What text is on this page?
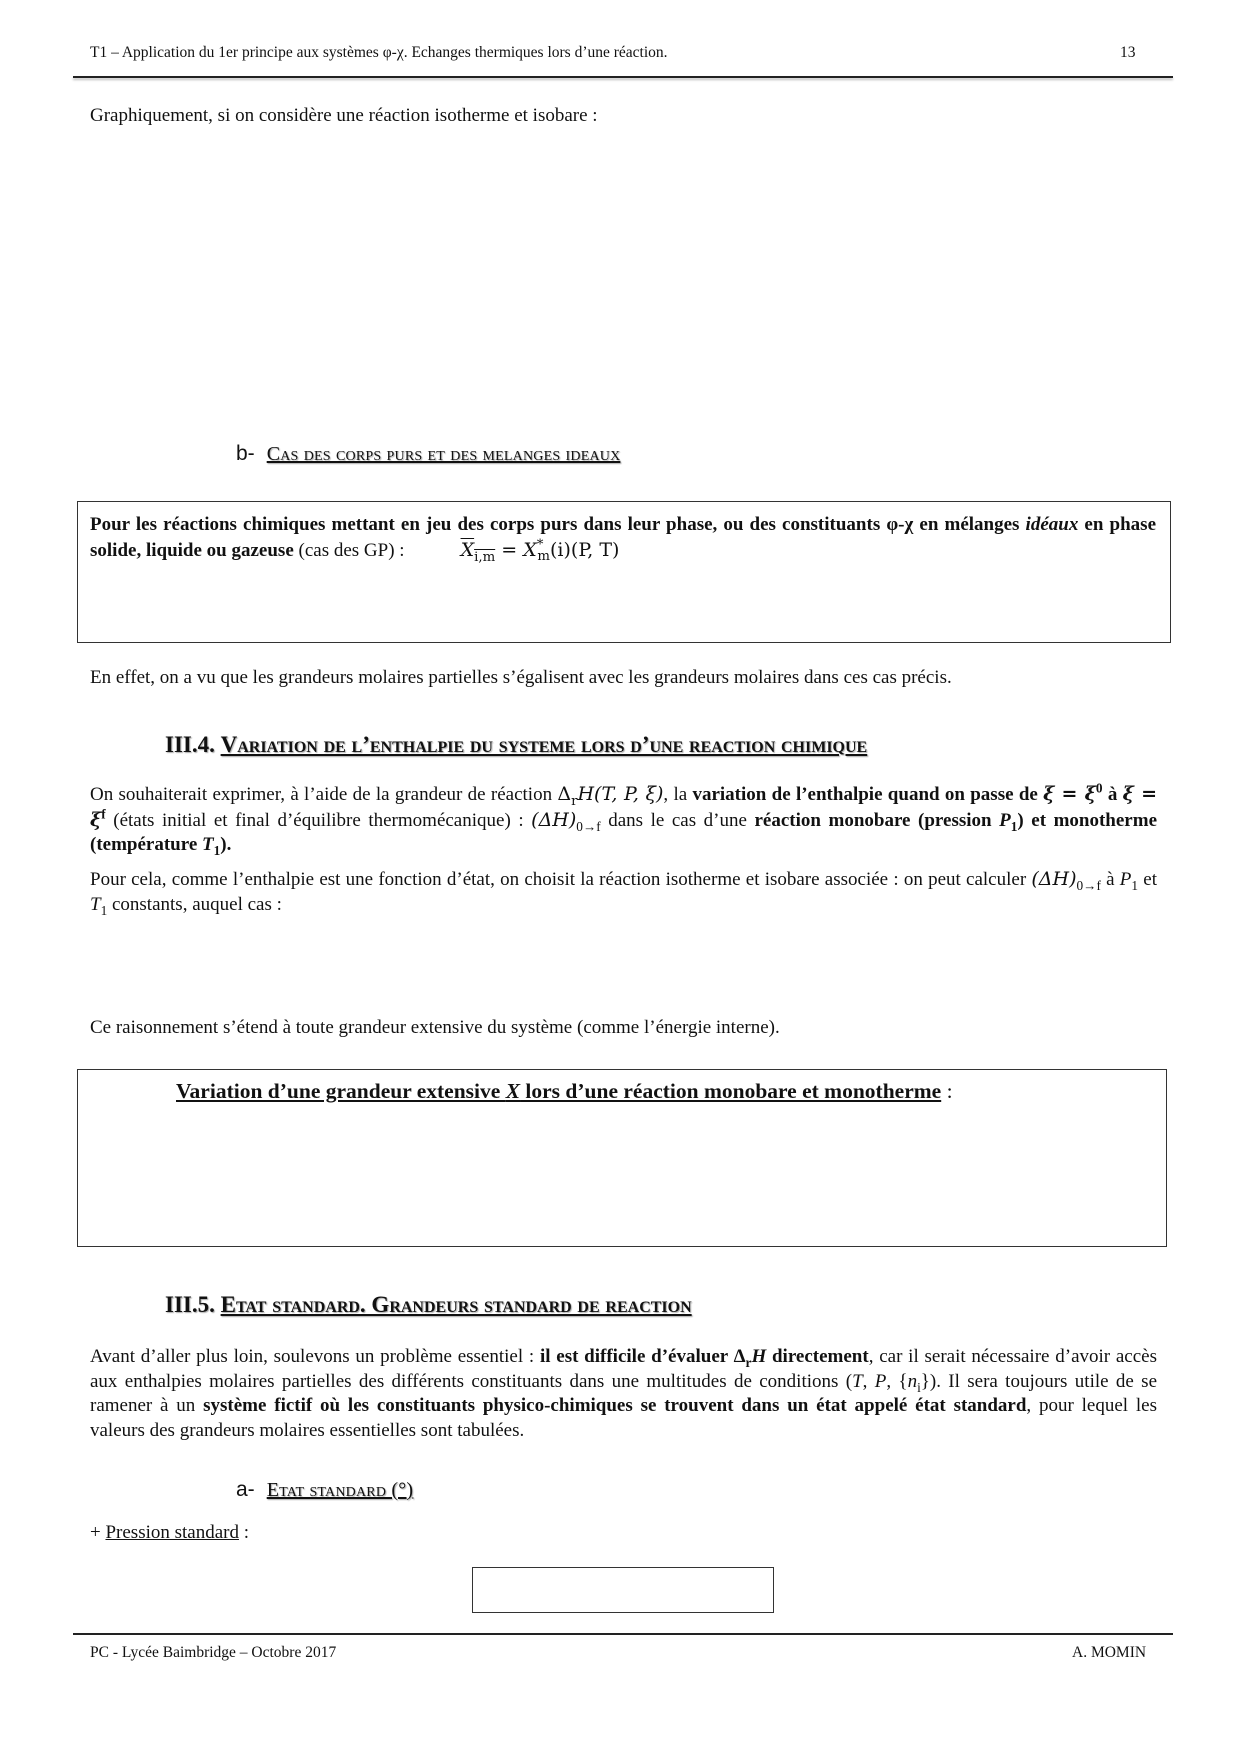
T1 – Application du 1er principe aux systèmes φ-χ. Echanges thermiques lors d’une réaction.	13
Graphiquement, si on considère une réaction isotherme et isobare :
b- Cas des corps purs et des melanges ideaux

Pour les réactions chimiques mettant en jeu des corps purs dans leur phase, ou des constituants φ-χ en mélanges idéaux en phase solide, liquide ou gazeuse (cas des GP) :	$X_{i,m} = X^*_m(i)(P$, T)

En effet, on a vu que les grandeurs molaires partielles s’égalisent avec les grandeurs molaires dans ces cas précis.
III.4. Variation de l’enthalpie du systeme lors d’une reaction chimique

On souhaiterait exprimer, à l’aide de la grandeur de réaction $\Delta_rH(T$, P, ξ), la variation de l’enthalpie quand on passe de $\xi = \xi^0$ à $\xi = \xi^f$ (états initial et final d’équilibre thermomécanique) : $(\Delta H)_{0\to f}$ dans le cas d’une réaction monobare (pression $P_1$) et monotherme (température $T_1$).

Pour cela, comme l’enthalpie est une fonction d’état, on choisit la réaction isotherme et isobare associée : on peut calculer $(\Delta H)_{0\to f}$ à $P_1$ et $T_1$ constants, auquel cas :

Ce raisonnement s’étend à toute grandeur extensive du système (comme l’énergie interne).
Variation d’une grandeur extensive X lors d’une réaction monobare et monotherme :
III.5. Etat standard. Grandeurs standard de reaction

Avant d’aller plus loin, soulevons un problème essentiel : il est difficile d’évaluer $\Delta_rH$ directement, car il serait nécessaire d’avoir accès aux enthalpies molaires partielles des différents constituants dans une multitudes de conditions (T, P, $\{n_i\}$). Il sera toujours utile de se ramener à un système fictif où les constituants physico-chimiques se trouvent dans un état appelé état standard, pour lequel les valeurs des grandeurs molaires essentielles sont tabulées.

a- Etat standard (°)
+ Pression standard :
PC - Lycée Baimbridge – Octobre 2017	A. MOMIN
